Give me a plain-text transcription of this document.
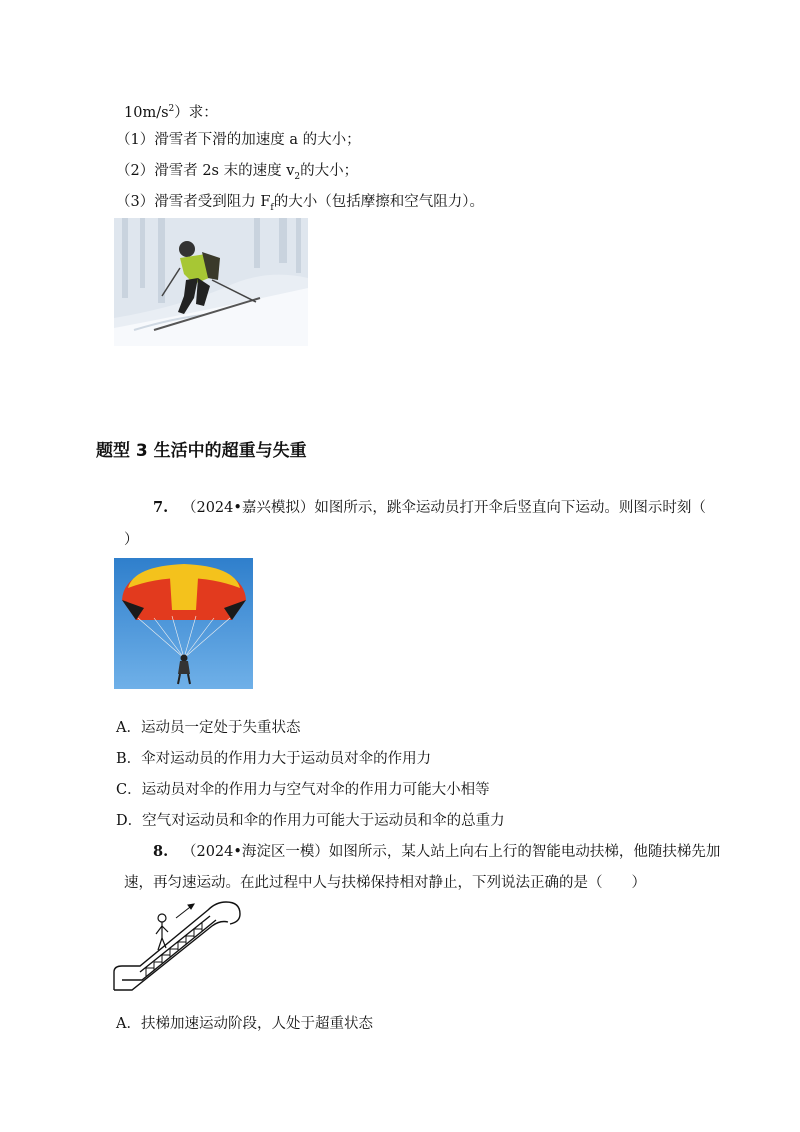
$10m/s^2$）求：
（1）滑雪者下滑的加速度 a 的大小；
（2）滑雪者 2s 末的速度 $v_2$的大小；
（3）滑雪者受到阻力 $F_f$的大小（包括摩擦和空气阻力）。
题型 3 生活中的超重与失重
7. （2024•嘉兴模拟）如图所示，跳伞运动员打开伞后竖直向下运动。则图示时刻（
）
A．运动员一定处于失重状态
B．伞对运动员的作用力大于运动员对伞的作用力
C．运动员对伞的作用力与空气对伞的作用力可能大小相等
D．空气对运动员和伞的作用力可能大于运动员和伞的总重力
8. （2024•海淀区一模）如图所示，某人站上向右上行的智能电动扶梯，他随扶梯先加
速，再匀速运动。在此过程中人与扶梯保持相对静止，下列说法正确的是（　　）
A．扶梯加速运动阶段，人处于超重状态
